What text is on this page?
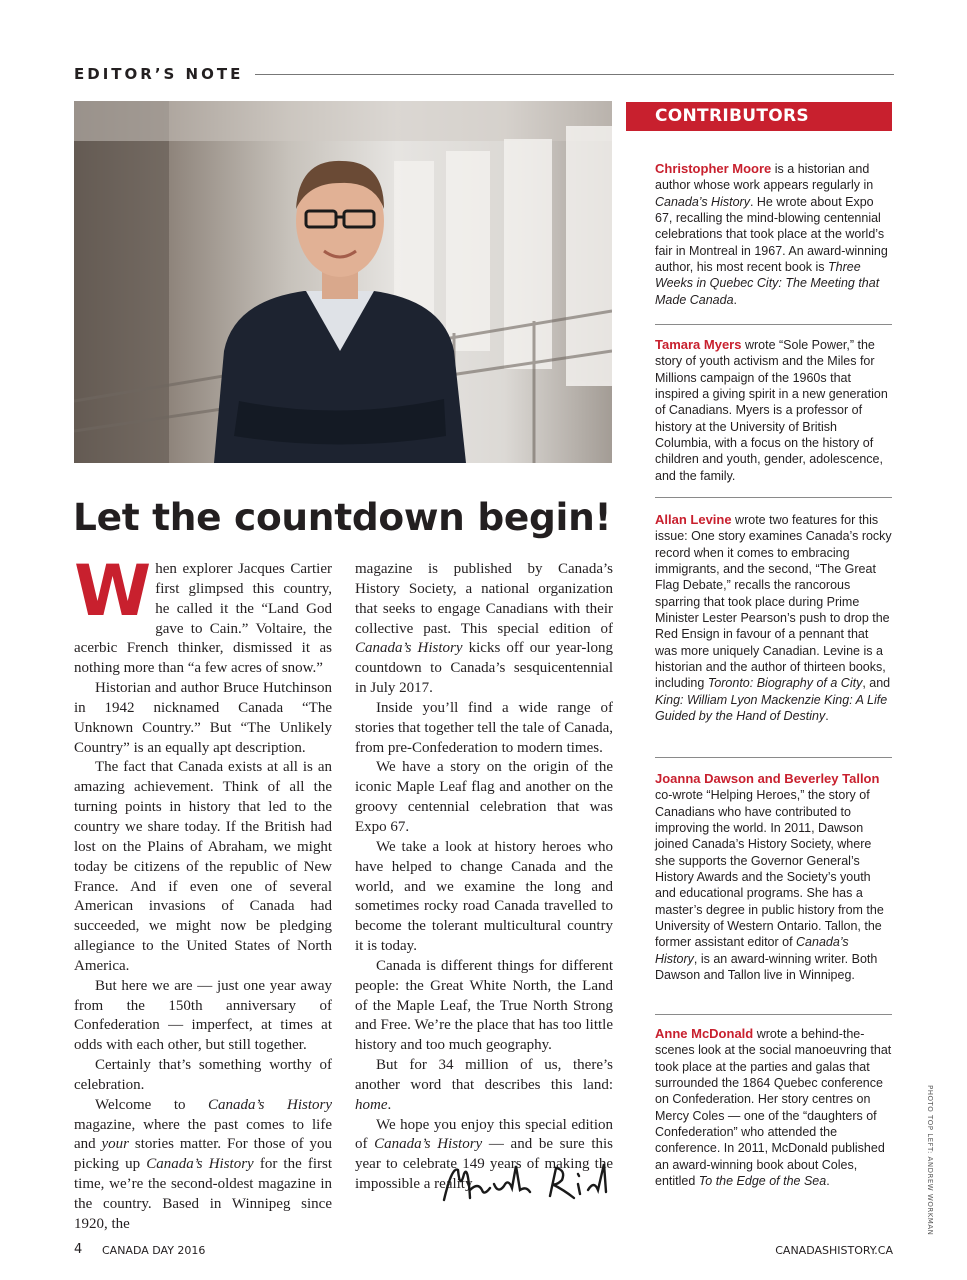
EDITOR’S NOTE
Let the countdown begin!

When explorer Jacques Cartier first glimpsed this country, he called it the “Land God gave to Cain.” Voltaire, the acerbic French thinker, dismissed it as nothing more than “a few acres of snow.”

Historian and author Bruce Hutchinson in 1942 nicknamed Canada “The Unknown Country.” But “The Unlikely Country” is an equally apt description.

The fact that Canada exists at all is an amazing achievement. Think of all the turning points in history that led to the country we share today. If the British had lost on the Plains of Abraham, we might today be citizens of the republic of New France. And if even one of several American invasions of Canada had succeeded, we might now be pledging allegiance to the United States of North America.

But here we are — just one year away from the 150th anniversary of Confederation — imperfect, at times at odds with each other, but still together.

Certainly that’s something worthy of celebration.

Welcome to Canada’s History magazine, where the past comes to life and your stories matter. For those of you picking up Canada’s History for the first time, we’re the second-oldest magazine in the country. Based in Winnipeg since 1920, the

magazine is published by Canada’s History Society, a national organization that seeks to engage Canadians with their collective past. This special edition of Canada’s History kicks off our year-long countdown to Canada’s sesquicentennial in July 2017.

Inside you’ll find a wide range of stories that together tell the tale of Canada, from pre-Confederation to modern times.

We have a story on the origin of the iconic Maple Leaf flag and another on the groovy centennial celebration that was Expo 67.

We take a look at history heroes who have helped to change Canada and the world, and we examine the long and sometimes rocky road Canada travelled to become the tolerant multicultural country it is today.

Canada is different things for different people: the Great White North, the Land of the Maple Leaf, the True North Strong and Free. We’re the place that has too little history and too much geography.

But for 34 million of us, there’s another word that describes this land: home.

We hope you enjoy this special edition of Canada’s History — and be sure this year to celebrate 149 years of making the impossible a reality.

CONTRIBUTORS
Christopher Moore is a historian and author whose work appears regularly in Canada’s History. He wrote about Expo 67, recalling the mind-blowing centennial celebrations that took place at the world’s fair in Montreal in 1967. An award-winning author, his most recent book is Three Weeks in Quebec City: The Meeting that Made Canada.
Tamara Myers wrote “Sole Power,” the story of youth activism and the Miles for Millions campaign of the 1960s that inspired a giving spirit in a new generation of Canadians. Myers is a professor of history at the University of British Columbia, with a focus on the history of children and youth, gender, adolescence, and the family.
Allan Levine wrote two features for this issue: One story examines Canada’s rocky record when it comes to embracing immigrants, and the second, “The Great Flag Debate,” recalls the rancorous sparring that took place during Prime Minister Lester Pearson’s push to drop the Red Ensign in favour of a pennant that was more uniquely Canadian. Levine is a historian and the author of thirteen books, including Toronto: Biography of a City, and King: William Lyon Mackenzie King: A Life Guided by the Hand of Destiny.
Joanna Dawson and Beverley Tallon co-wrote “Helping Heroes,” the story of Canadians who have contributed to improving the world. In 2011, Dawson joined Canada’s History Society, where she supports the Governor General’s History Awards and the Society’s youth and educational programs. She has a master’s degree in public history from the University of Western Ontario. Tallon, the former assistant editor of Canada’s History, is an award-winning writer. Both Dawson and Tallon live in Winnipeg.
Anne McDonald wrote a behind-the-scenes look at the social manoeuvring that took place at the parties and galas that surrounded the 1864 Quebec conference on Confederation. Her story centres on Mercy Coles — one of the “daughters of Confederation” who attended the conference. In 2011, McDonald published an award-winning book about Coles, entitled To the Edge of the Sea.	PHOTO TOP LEFT: ANDREW WORKMAN
4 CANADA DAY 2016	CANADASHISTORY.CA
